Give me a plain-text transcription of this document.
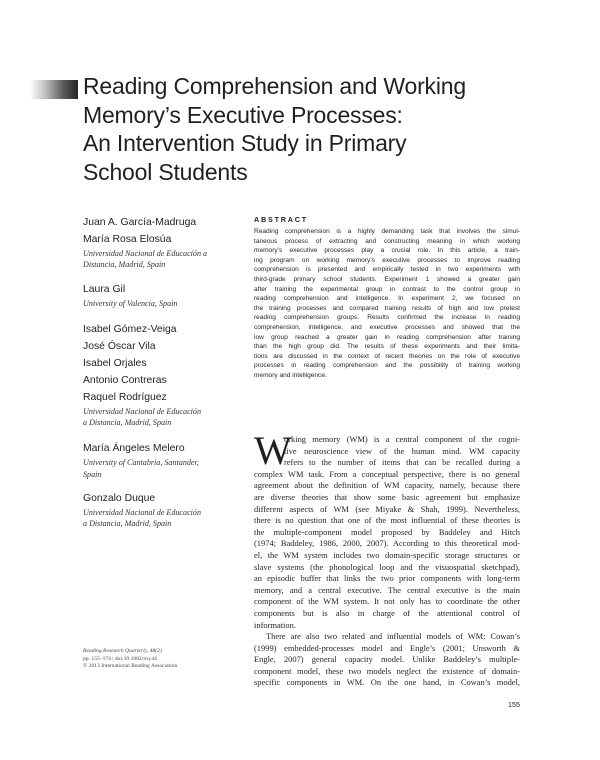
Reading Comprehension and Working
Memory’s Executive Processes:
An Intervention Study in Primary
School Students
Juan A. García-Madruga
María Rosa Elosúa
Universidad Nacional de Educación a
Distancia, Madrid, Spain
Laura Gil
University of Valencia, Spain
Isabel Gómez-Veiga
José Óscar Vila
Isabel Orjales
Antonio Contreras
Raquel Rodríguez
Universidad Nacional de Educación
a Distancia, Madrid, Spain
María Ángeles Melero
University of Cantabria, Santander,
Spain
Gonzalo Duque
Universidad Nacional de Educación
a Distancia, Madrid, Spain
ABSTRACT
Reading comprehension is a highly demanding task that involves the simul-
taneous process of extracting and constructing meaning in which working
memory’s executive processes play a crucial role. In this article, a train-
ing program on working memory’s executive processes to improve reading
comprehension is presented and empirically tested in two experiments with
third-grade primary school students. Experiment 1 showed a greater gain
after training the experimental group in contrast to the control group in
reading comprehension and intelligence. In experiment 2, we focused on
the training processes and compared training results of high and low pretest
reading comprehension groups. Results confirmed the increase in reading
comprehension, intelligence, and executive processes and showed that the
low group reached a greater gain in reading comprehension after training
than the high group did. The results of these experiments and their limita-
tions are discussed in the context of recent theories on the role of executive
processes in reading comprehension and the possibility of training working
memory and intelligence.
W
orking memory (WM) is a central component of the cogni-
tive neuroscience view of the human mind. WM capacity
refers to the number of items that can be recalled during a
complex WM task. From a conceptual perspective, there is no general
agreement about the definition of WM capacity, namely, because there
are diverse theories that show some basic agreement but emphasize
different aspects of WM (see Miyake & Shah, 1999). Nevertheless,
there is no question that one of the most influential of these theories is
the multiple-component model proposed by Baddeley and Hitch
(1974; Baddeley, 1986, 2000, 2007). According to this theoretical mod-
el, the WM system includes two domain-specific storage structures or
slave systems (the phonological loop and the visuospatial sketchpad),
an episodic buffer that links the two prior components with long-term
memory, and a central executive. The central executive is the main
component of the WM system. It not only has to coordinate the other
components but is also in charge of the attentional control of
information.
There are also two related and influential models of WM: Cowan’s
(1999) embedded-processes model and Engle’s (2001; Unsworth &
Engle, 2007) general capacity model. Unlike Baddeley’s multiple-
component model, these two models neglect the existence of domain-
specific components in WM. On the one hand, in Cowan’s model,
Reading Research Quarterly, 48(2)
pp. 155–174 | doi:10.1002/rrq.44
© 2013 International Reading Association
155
